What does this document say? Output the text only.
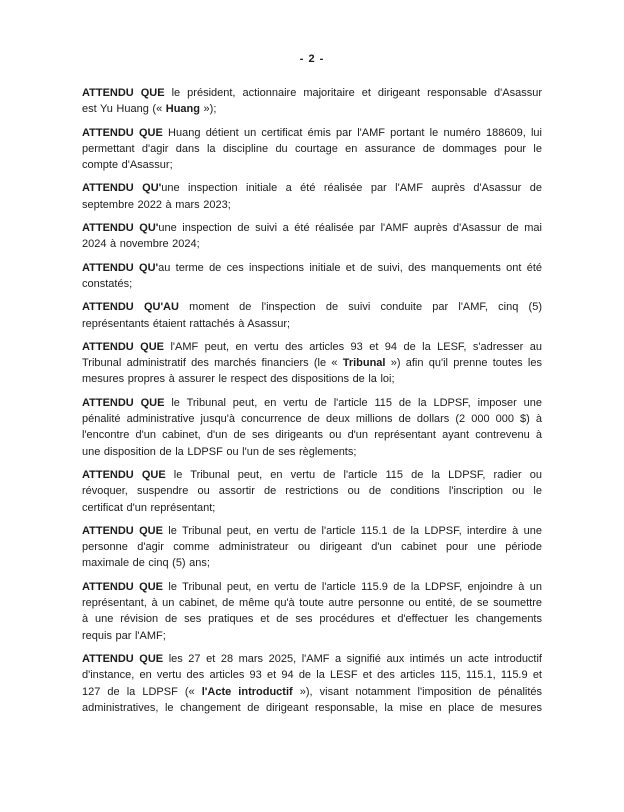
- 2 -

ATTENDU QUE le président, actionnaire majoritaire et dirigeant responsable d'Asassur
est Yu Huang (« Huang »);

ATTENDU QUE Huang détient un certificat émis par l'AMF portant le numéro 188609, lui
permettant d'agir dans la discipline du courtage en assurance de dommages pour le
compte d'Asassur;

ATTENDU QU'une inspection initiale a été réalisée par l'AMF auprès d'Asassur de
septembre 2022 à mars 2023;

ATTENDU QU'une inspection de suivi a été réalisée par l'AMF auprès d'Asassur de mai
2024 à novembre 2024;

ATTENDU QU'au terme de ces inspections initiale et de suivi, des manquements ont été
constatés;

ATTENDU QU'AU moment de l'inspection de suivi conduite par l'AMF, cinq (5)
représentants étaient rattachés à Asassur;

ATTENDU QUE l'AMF peut, en vertu des articles 93 et 94 de la LESF, s'adresser au
Tribunal administratif des marchés financiers (le « Tribunal ») afin qu'il prenne toutes les
mesures propres à assurer le respect des dispositions de la loi;

ATTENDU QUE le Tribunal peut, en vertu de l'article 115 de la LDPSF, imposer une
pénalité administrative jusqu'à concurrence de deux millions de dollars (2 000 000 $) à
l'encontre d'un cabinet, d'un de ses dirigeants ou d'un représentant ayant contrevenu à
une disposition de la LDPSF ou l'un de ses règlements;

ATTENDU QUE le Tribunal peut, en vertu de l'article 115 de la LDPSF, radier ou
révoquer, suspendre ou assortir de restrictions ou de conditions l'inscription ou le
certificat d'un représentant;

ATTENDU QUE le Tribunal peut, en vertu de l'article 115.1 de la LDPSF, interdire à une
personne d'agir comme administrateur ou dirigeant d'un cabinet pour une période
maximale de cinq (5) ans;

ATTENDU QUE le Tribunal peut, en vertu de l'article 115.9 de la LDPSF, enjoindre à un
représentant, à un cabinet, de même qu'à toute autre personne ou entité, de se soumettre
à une révision de ses pratiques et de ses procédures et d'effectuer les changements
requis par l'AMF;

ATTENDU QUE les 27 et 28 mars 2025, l'AMF a signifié aux intimés un acte introductif
d'instance, en vertu des articles 93 et 94 de la LESF et des articles 115, 115.1, 115.9 et
127 de la LDPSF (« l'Acte introductif »), visant notamment l'imposition de pénalités
administratives, le changement de dirigeant responsable, la mise en place de mesures
